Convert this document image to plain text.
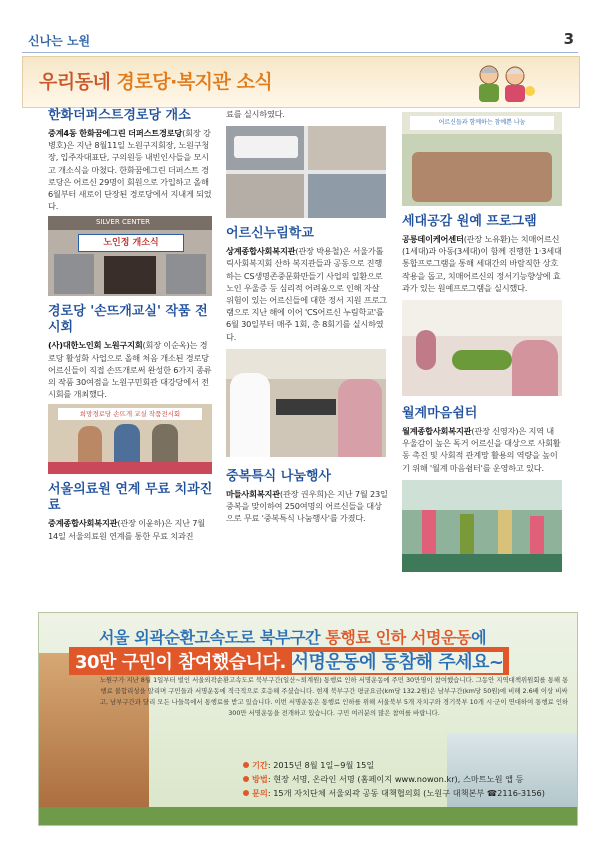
신나는 노원	3
우리동네 경로당·복지관 소식
한화더퍼스트경로당 개소

중계4동 한화꿈에그린 더퍼스트경로당(회장 강병호)은 지난 8월11일 노원구지회장, 노원구청장, 입주자대표단, 구의원등 내빈인사들을 모시고 개소식을 마쳤다. 한화꿈에그린 더퍼스트 경로당은 어르신 29명이 회원으로 가입하고 올해 6월부터 새로이 단장된 경로당에서 지내게 되었다.

SILVER CENTER
노인정 개소식
경로당 '손뜨개교실' 작품 전시회

(사)대한노인회 노원구지회(회장 이순옥)는 경로당 활성화 사업으로 올해 처음 개소된 경로당 어르신들이 직접 손뜨개로써 완성한 6가지 종류의 작품 30여점을 노원구민회관 대강당에서 전시회를 개최했다.

희망경로당 손뜨개 교실 작품전시회
서울의료원 연계 무료 치과진료

중계종합사회복지관(관장 이윤하)은 지난 7월 14일 서울의료원 연계를 통한 무료 치과진

료를 실시하였다.

어르신누림학교

상계종합사회복지관(관장 박용철)은 서울가톨릭사회복지회 산하 복지관들과 공동으로 진행하는 CS생명존중문화만들기 사업의 일환으로 노인 우울증 등 심리적 어려움으로 인해 자살 위험이 있는 어르신들에 대한 정서 지원 프로그램으로 지난 해에 이어 'CS어르신 누림학교'를 6월 30일부터 매주 1회, 총 8회기를 실시하였다.

중복특식 나눔행사

마들사회복지관(관장 권우희)은 지난 7월 23일 중복을 맞이하여 250여명의 어르신들을 대상으로 무료 '중복특식 나눔행사'를 가졌다.

어르신들과 함께하는 참예쁜 나눔
세대공감 원예 프로그램

공릉데이케어센터(관장 노유환)는 치매어르신(1세대)과 아동(3세대)이 함께 진행한 1·3세대 통합프로그램을 통해 세대간의 바람직한 상호작용을 돕고, 치매어르신의 정서기능향상에 효과가 있는 원예프로그램을 실시했다.

월계마음쉼터

월계종합사회복지관(관장 신영자)은 지역 내 우울감이 높은 독거 어르신을 대상으로 사회활동 촉진 및 사회적 관계망 활용의 역량을 높이기 위해 '월계 마음쉼터'를 운영하고 있다.

서울 외곽순환고속도로 북부구간 통행료 인하 서명운동에
30만 구민이 참여했습니다. 서명운동에 동참해 주세요~
노원구가 지난 8월 1일부터 벌인 서울외곽순환고속도로 북부구간(일산~퇴계원) 통행료 인하 서명운동에 주민 30만명이 참여했습니다. 그동안 지역대책위원회를 통해 통행료 불합리성을 알리며 구민들과 서명운동에 적극적으로 호응해 주셨습니다. 현재 북부구간 평균요금(km당 132.2원)은 남부구간(km당 50원)에 비해 2.6배 이상 비싸고, 남부구간과 달리 모든 나들목에서 통행료를 받고 있습니다. 이번 서명운동은 통행료 인하를 위해 서울북부 5개 자치구와 경기북부 10개 시·군이 연대하여 통행료 인하 300만 서명운동을 전개하고 있습니다. 구민 여러분의 많은 참여를 바랍니다.
기간: 2015년 8월 1일~9월 15일
방법: 현장 서명, 온라인 서명 (홈페이지 www.nowon.kr), 스마트노원 앱 등
문의: 15개 자치단체 서울외곽 공동 대책협의회 (노원구 대책본부 ☎2116-3156)
